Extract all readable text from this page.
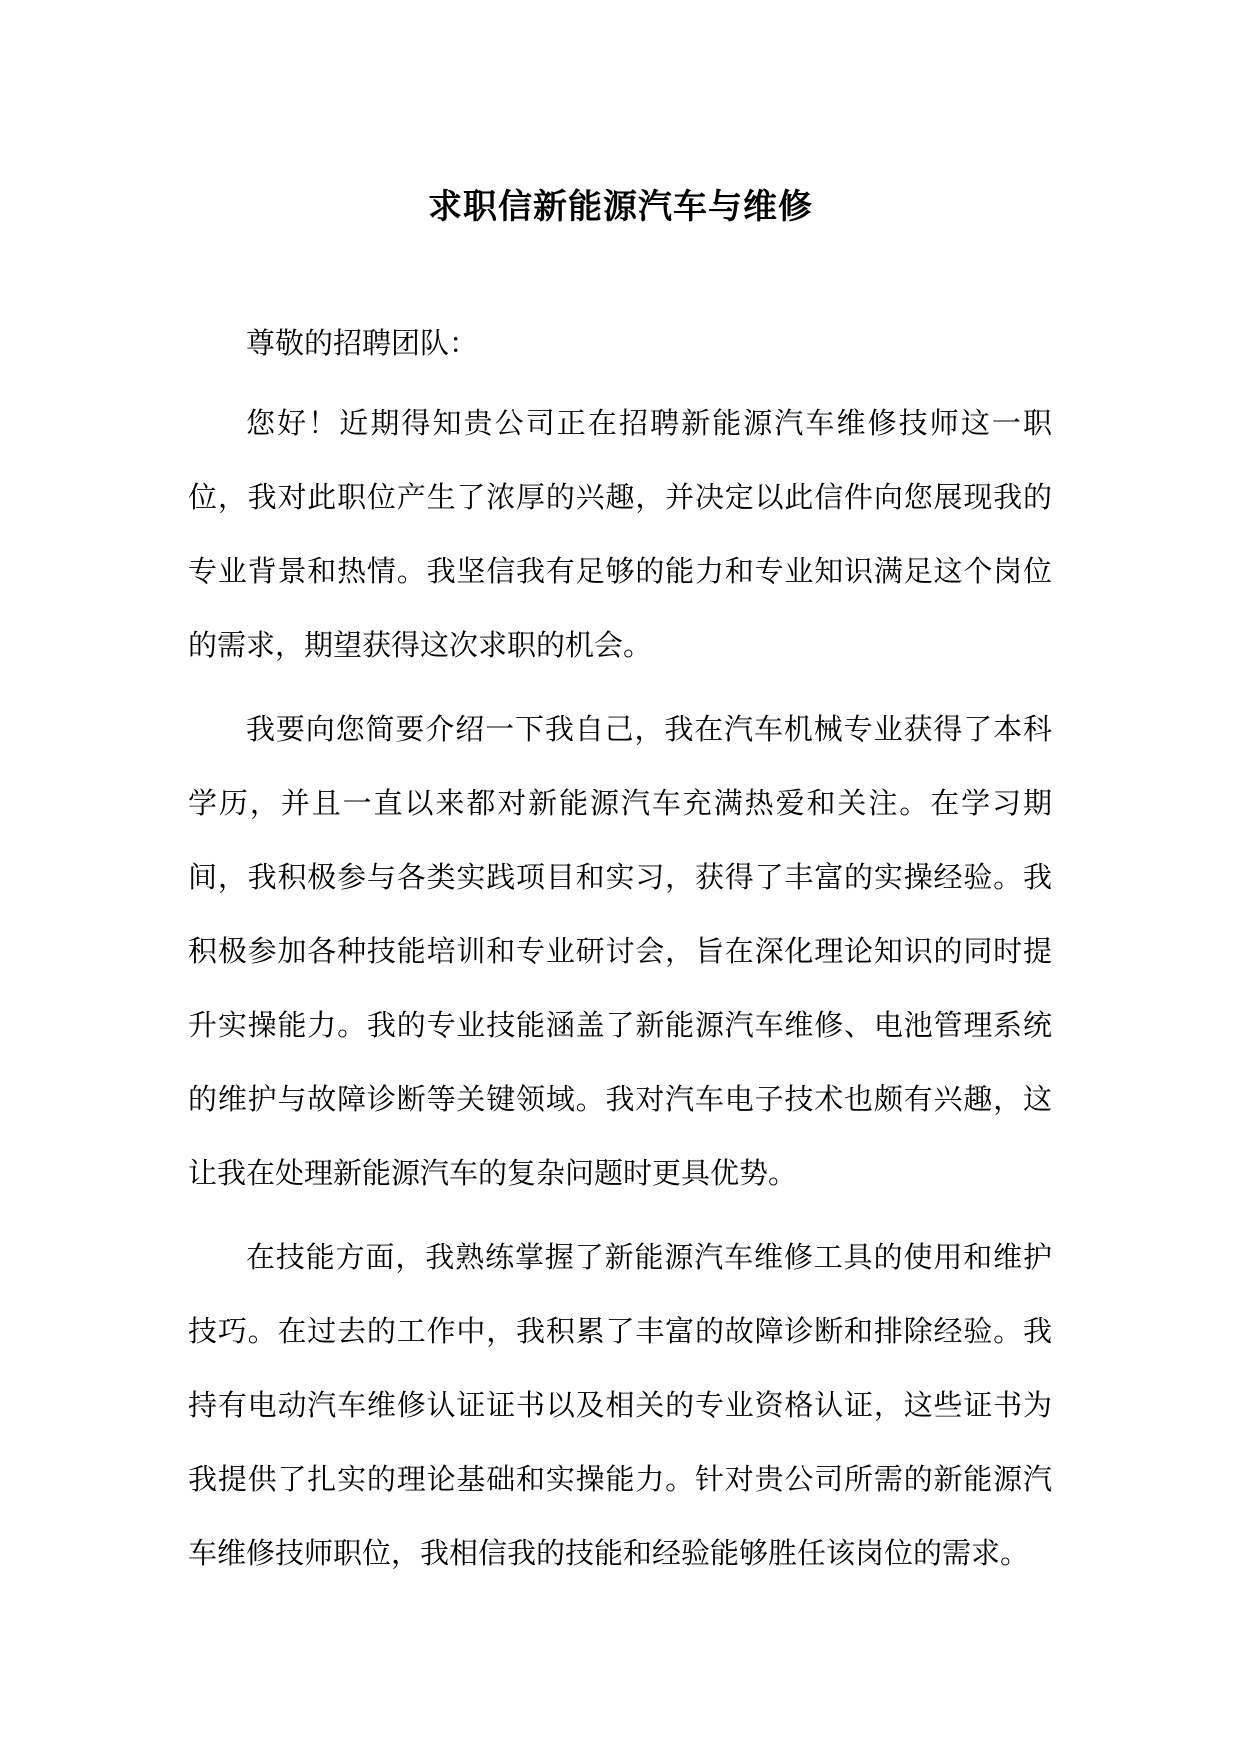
求职信新能源汽车与维修

尊敬的招聘团队：

您好！近期得知贵公司正在招聘新能源汽车维修技师这一职位，我对此职位产生了浓厚的兴趣，并决定以此信件向您展现我的专业背景和热情。我坚信我有足够的能力和专业知识满足这个岗位的需求，期望获得这次求职的机会。

我要向您简要介绍一下我自己，我在汽车机械专业获得了本科学历，并且一直以来都对新能源汽车充满热爱和关注。在学习期间，我积极参与各类实践项目和实习，获得了丰富的实操经验。我积极参加各种技能培训和专业研讨会，旨在深化理论知识的同时提升实操能力。我的专业技能涵盖了新能源汽车维修、电池管理系统的维护与故障诊断等关键领域。我对汽车电子技术也颇有兴趣，这让我在处理新能源汽车的复杂问题时更具优势。

在技能方面，我熟练掌握了新能源汽车维修工具的使用和维护技巧。在过去的工作中，我积累了丰富的故障诊断和排除经验。我持有电动汽车维修认证证书以及相关的专业资格认证，这些证书为我提供了扎实的理论基础和实操能力。针对贵公司所需的新能源汽车维修技师职位，我相信我的技能和经验能够胜任该岗位的需求。
